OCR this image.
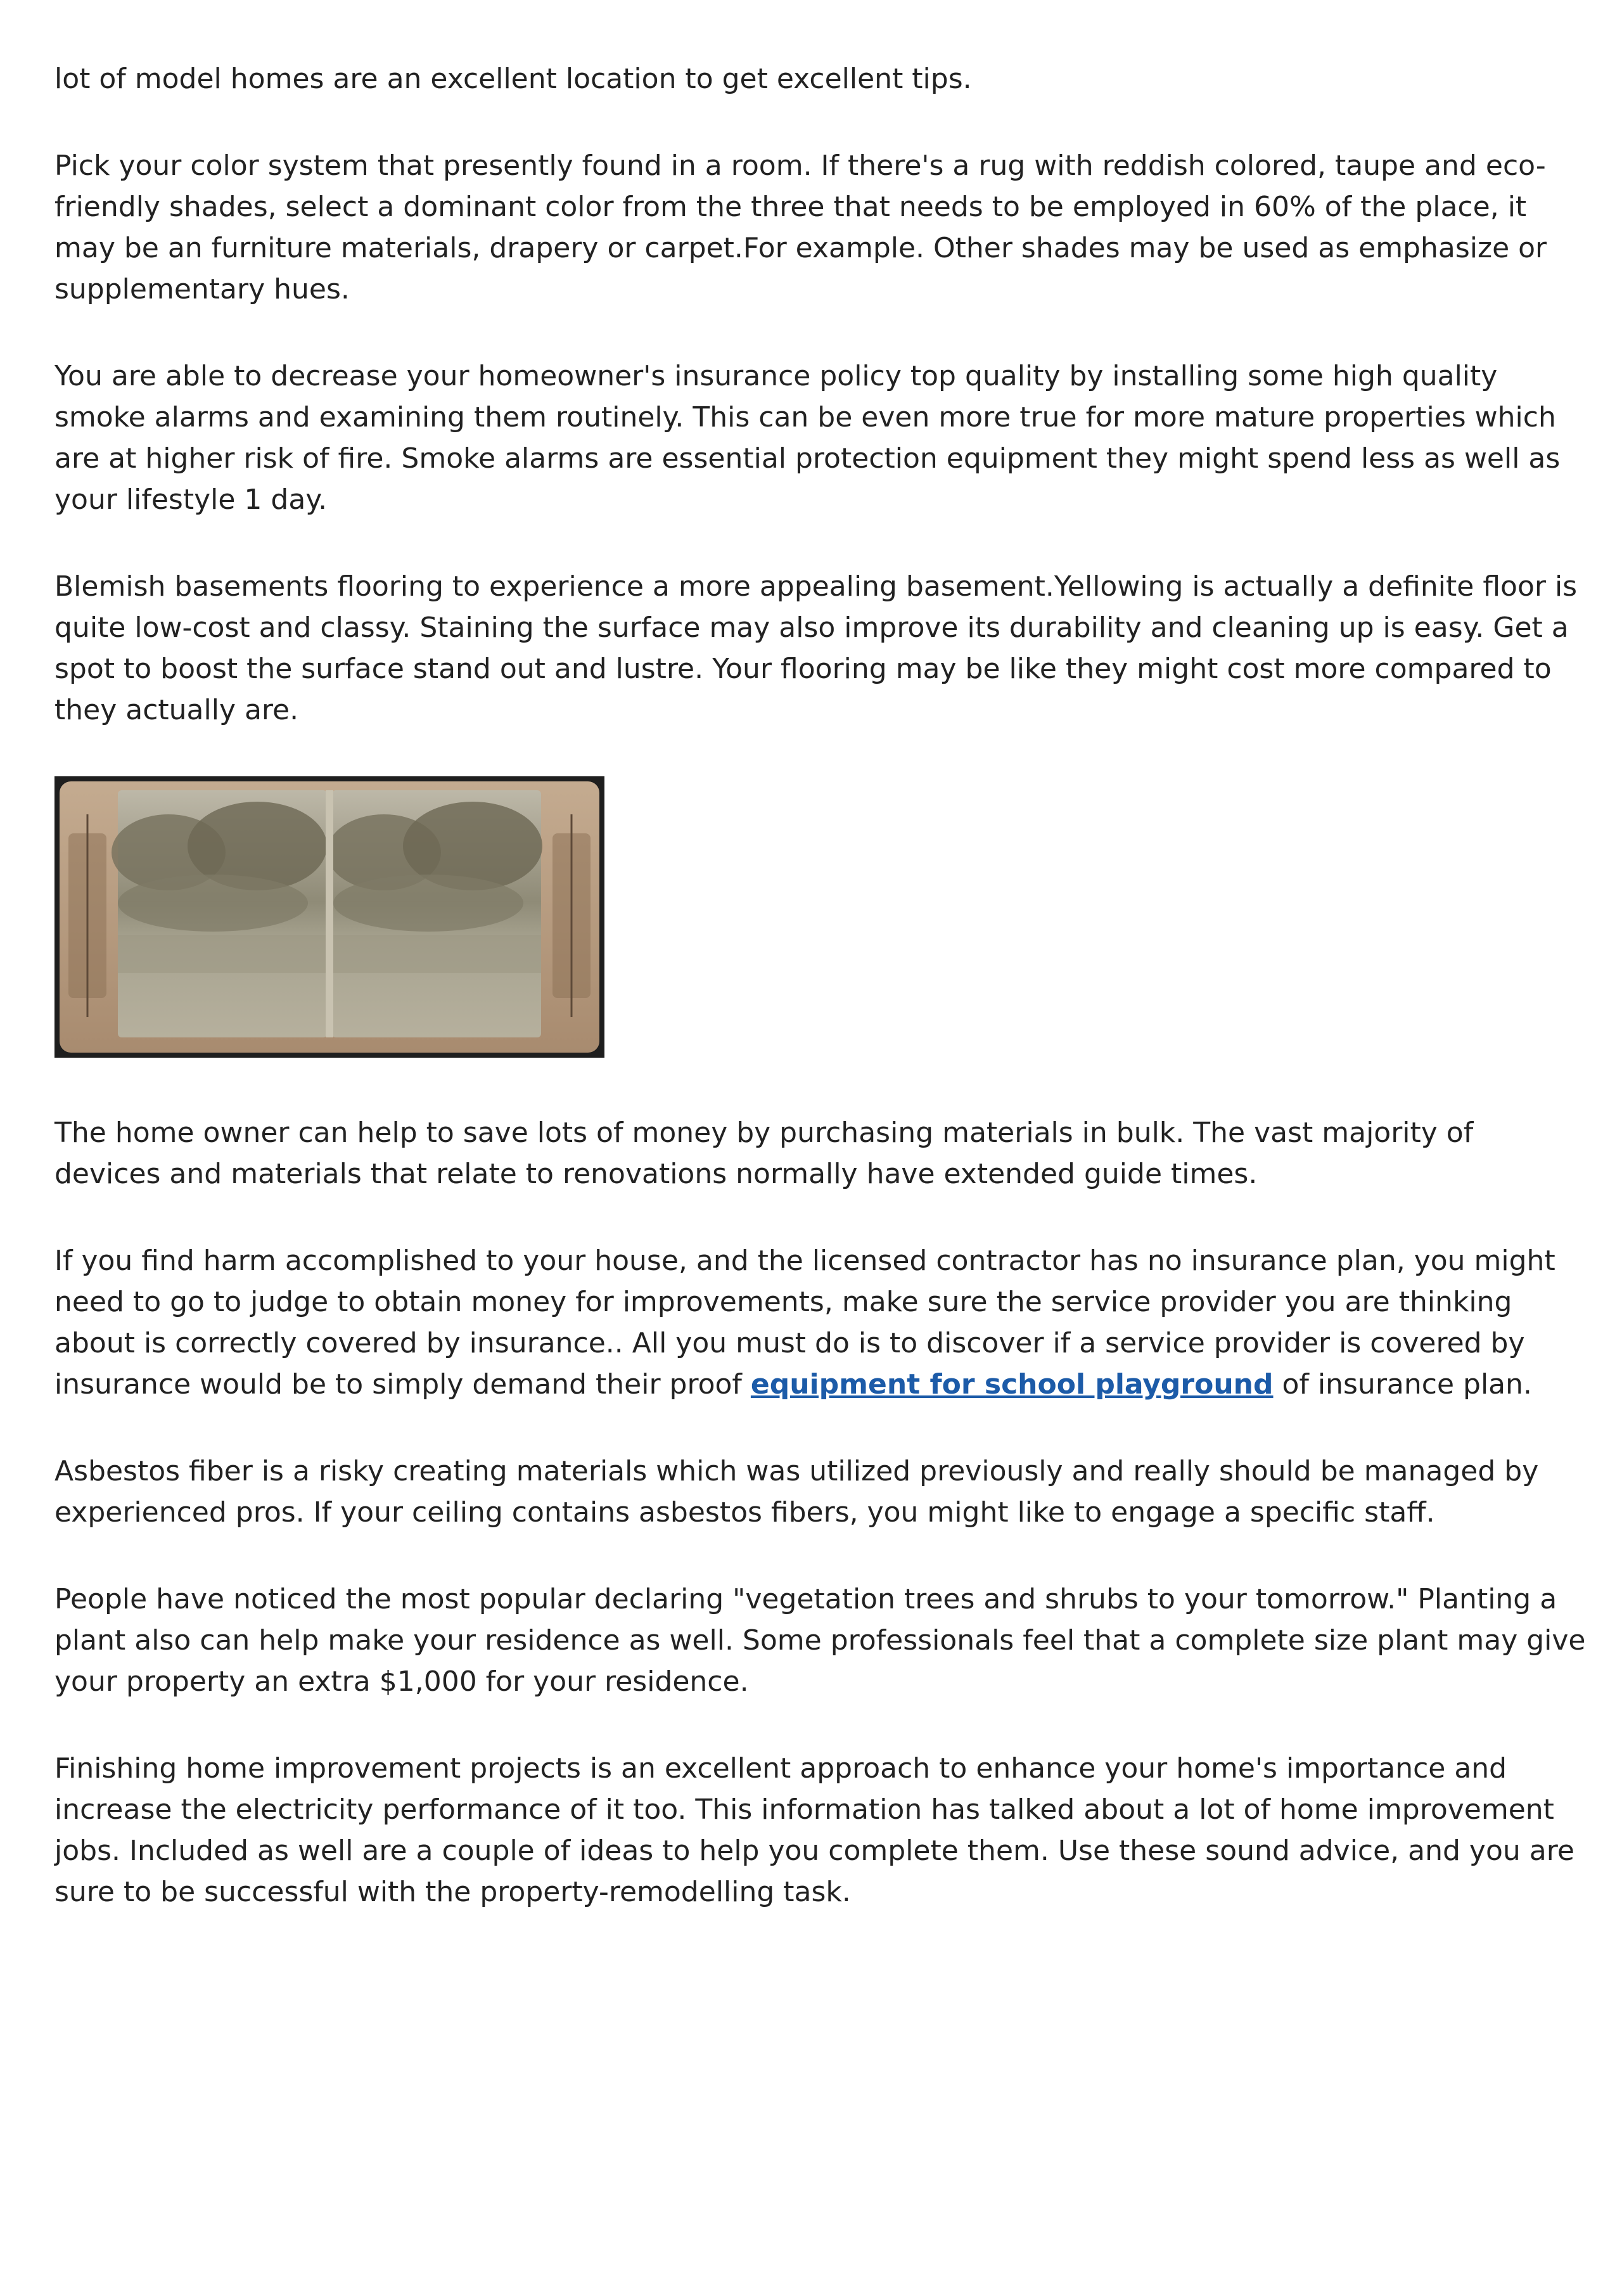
lot of model homes are an excellent location to get excellent tips.

Pick your color system that presently found in a room. If there's a rug with reddish colored, taupe and eco-friendly shades, select a dominant color from the three that needs to be employed in 60% of the place, it may be an furniture materials, drapery or carpet.For example. Other shades may be used as emphasize or supplementary hues.

You are able to decrease your homeowner's insurance policy top quality by installing some high quality smoke alarms and examining them routinely. This can be even more true for more mature properties which are at higher risk of fire. Smoke alarms are essential protection equipment they might spend less as well as your lifestyle 1 day.

Blemish basements flooring to experience a more appealing basement.Yellowing is actually a definite floor is quite low-cost and classy. Staining the surface may also improve its durability and cleaning up is easy. Get a spot to boost the surface stand out and lustre. Your flooring may be like they might cost more compared to they actually are.

The home owner can help to save lots of money by purchasing materials in bulk. The vast majority of devices and materials that relate to renovations normally have extended guide times.

If you find harm accomplished to your house, and the licensed contractor has no insurance plan, you might need to go to judge to obtain money for improvements, make sure the service provider you are thinking about is correctly covered by insurance.. All you must do is to discover if a service provider is covered by insurance would be to simply demand their proof equipment for school playground of insurance plan.

Asbestos fiber is a risky creating materials which was utilized previously and really should be managed by experienced pros. If your ceiling contains asbestos fibers, you might like to engage a specific staff.

People have noticed the most popular declaring "vegetation trees and shrubs to your tomorrow." Planting a plant also can help make your residence as well. Some professionals feel that a complete size plant may give your property an extra $1,000 for your residence.

Finishing home improvement projects is an excellent approach to enhance your home's importance and increase the electricity performance of it too. This information has talked about a lot of home improvement jobs. Included as well are a couple of ideas to help you complete them. Use these sound advice, and you are sure to be successful with the property-remodelling task.
